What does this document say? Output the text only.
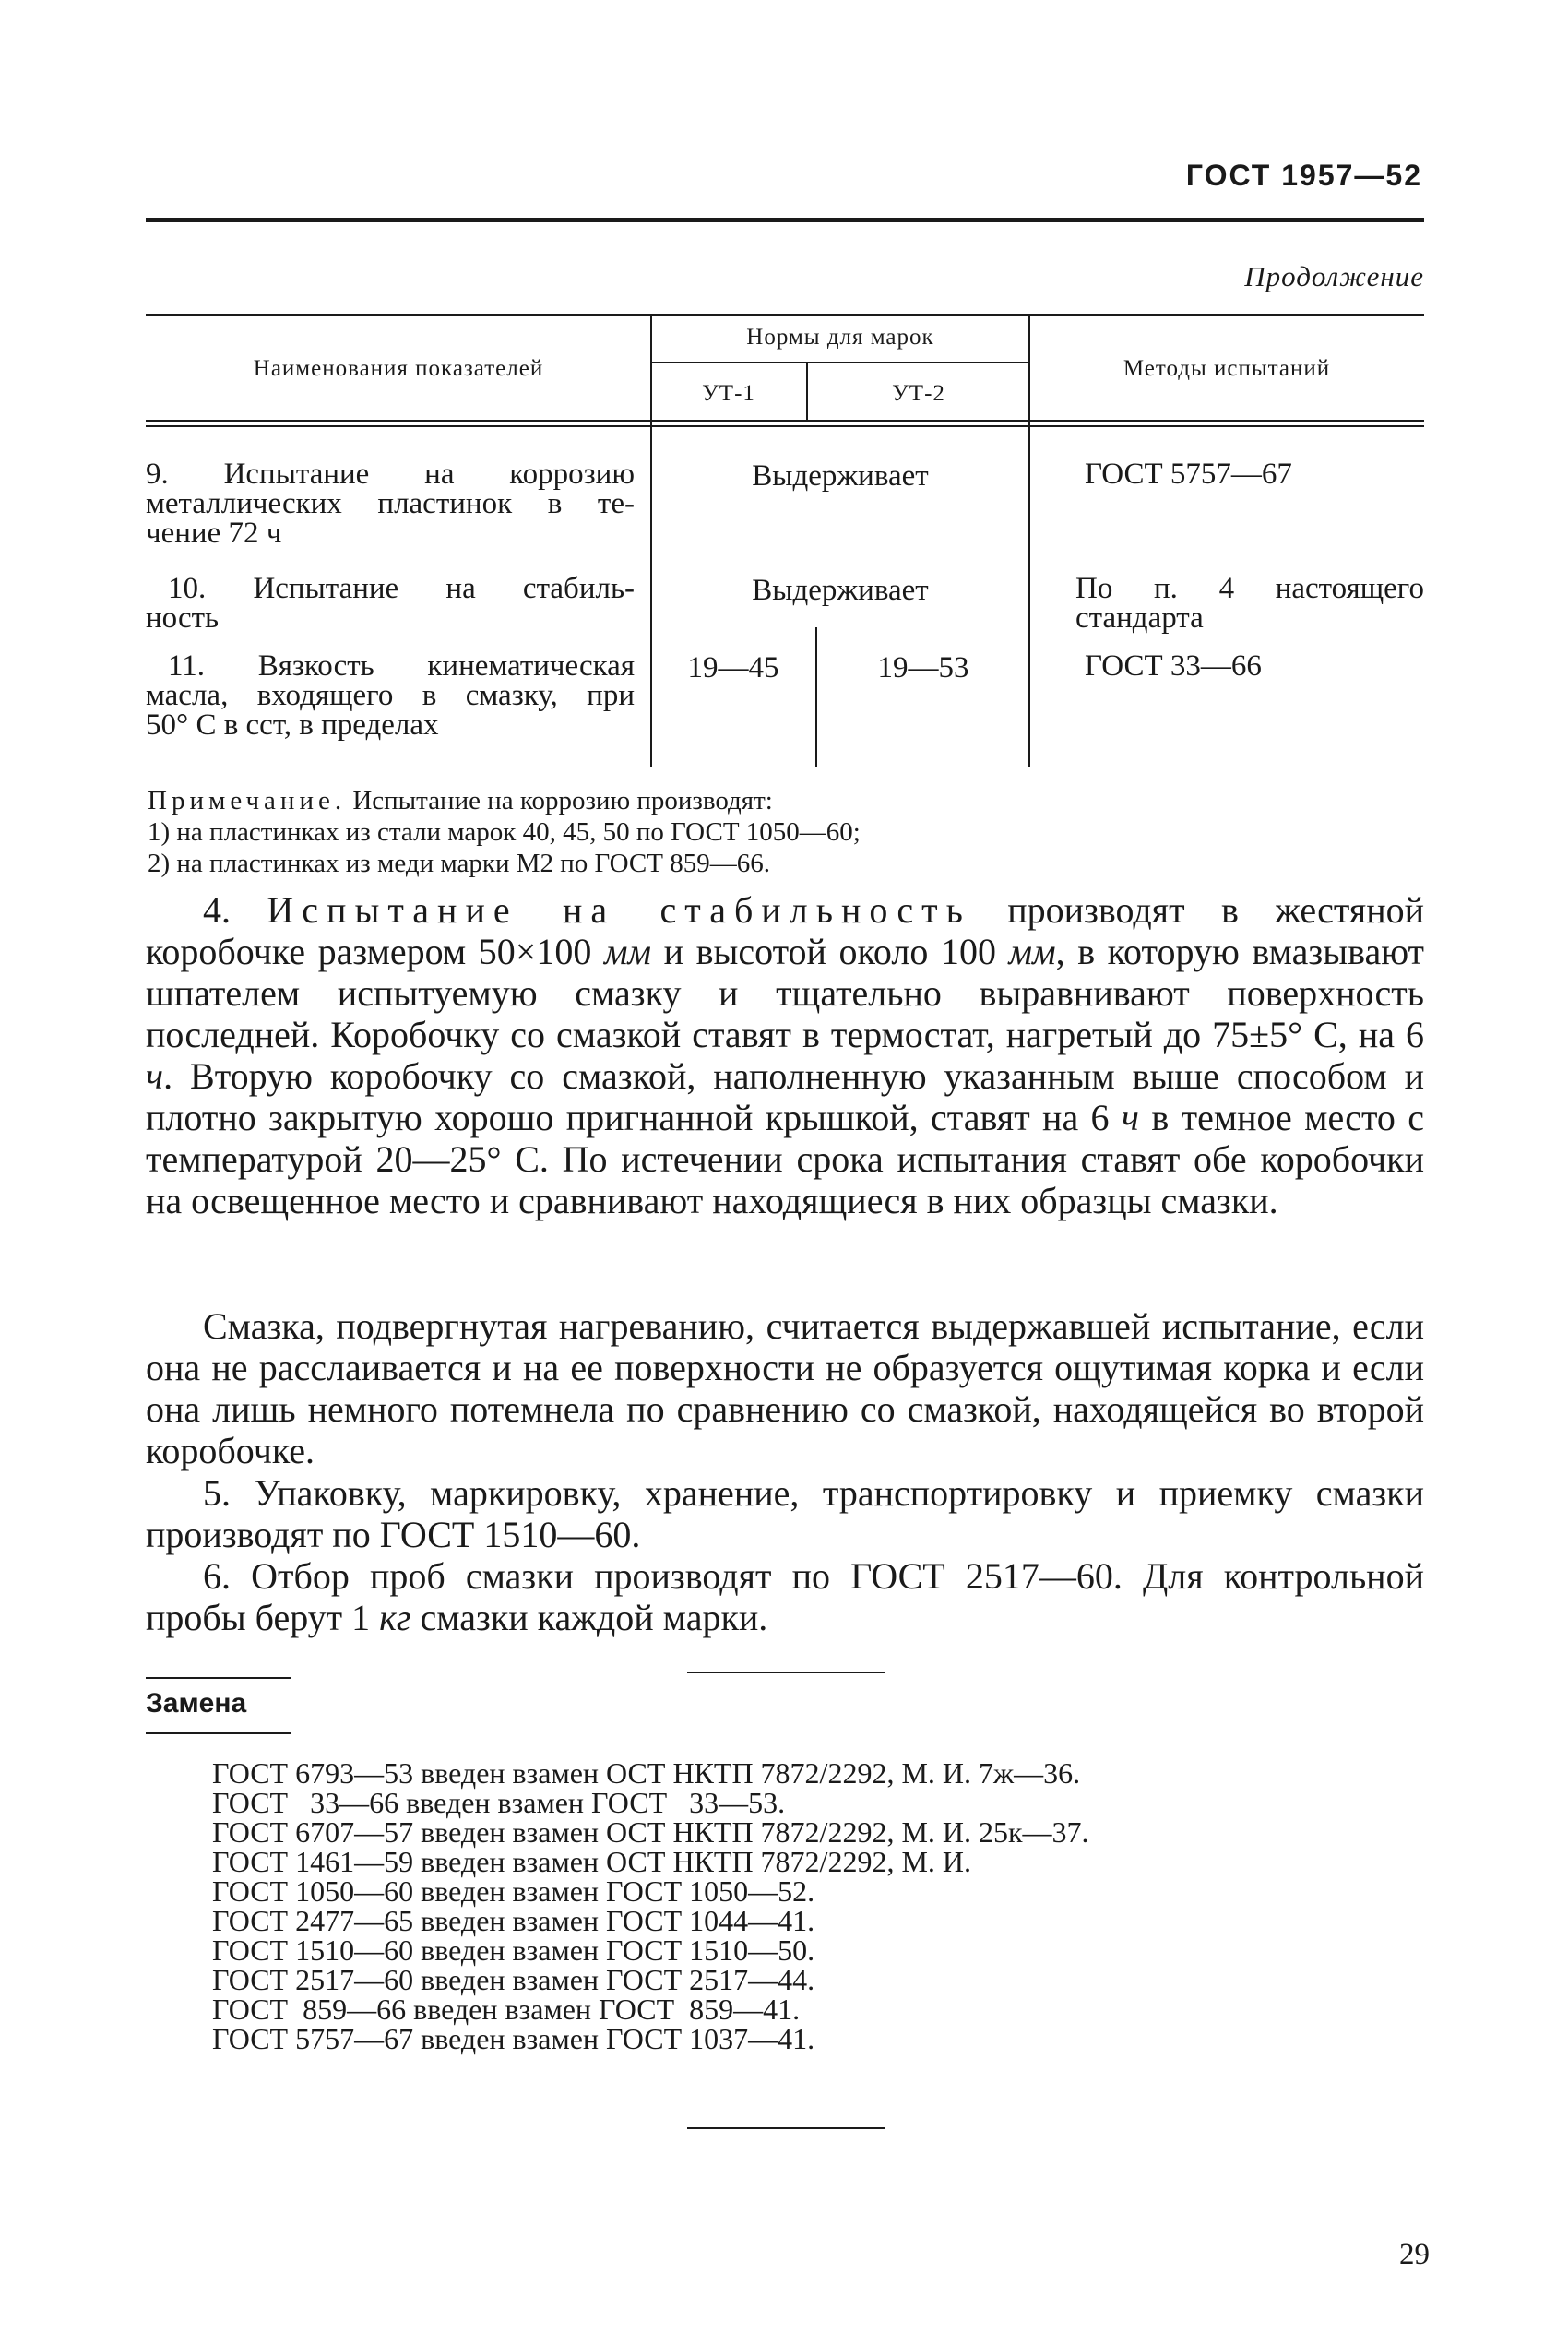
ГОСТ 1957—52
Продолжение
Наименования показателей
Нормы для марок
УТ-1	УТ-2
Методы испытаний
9. Испытание на коррозию
металлических пластинок в те-
чение 72 ч
Выдерживает	ГОСТ 5757—67
10. Испытание на стабиль-
ность
Выдерживает	По п. 4 настоящего
стандарта
11. Вязкость кинематическая
масла, входящего в смазку, при
50° С в сст, в пределах
19—45	19—53	ГОСТ 33—66
Примечание. Испытание на коррозию производят:
1) на пластинках из стали марок 40, 45, 50 по ГОСТ 1050—60;
2) на пластинках из меди марки М2 по ГОСТ 859—66.

4. Испытание на стабильность производят в жестяной коробочке размером 50×100 мм и высотой около 100 мм, в которую вмазывают шпателем испытуемую смазку и тщательно выравнивают поверхность последней. Коробочку со смазкой ставят в термостат, нагретый до 75±5° С, на 6 ч. Вторую коробочку со смазкой, наполненную указанным выше способом и плотно закрытую хорошо пригнанной крышкой, ставят на 6 ч в темное место с температурой 20—25° С. По истечении срока испытания ставят обе коробочки на освещенное место и сравнивают находящиеся в них образцы смазки.

Смазка, подвергнутая нагреванию, считается выдержавшей испытание, если она не расслаивается и на ее поверхности не образуется ощутимая корка и если она лишь немного потемнела по сравнению со смазкой, находящейся во второй коробочке.

5. Упаковку, маркировку, хранение, транспортировку и приемку смазки производят по ГОСТ 1510—60.

6. Отбор проб смазки производят по ГОСТ 2517—60. Для контрольной пробы берут 1 кг смазки каждой марки.

Замена
ГОСТ 6793—53 введен взамен ОСТ НКТП 7872/2292, М. И. 7ж—36.
ГОСТ   33—66 введен взамен ГОСТ   33—53.
ГОСТ 6707—57 введен взамен ОСТ НКТП 7872/2292, М. И. 25к—37.
ГОСТ 1461—59 введен взамен ОСТ НКТП 7872/2292, М. И.
ГОСТ 1050—60 введен взамен ГОСТ 1050—52.
ГОСТ 2477—65 введен взамен ГОСТ 1044—41.
ГОСТ 1510—60 введен взамен ГОСТ 1510—50.
ГОСТ 2517—60 введен взамен ГОСТ 2517—44.
ГОСТ  859—66 введен взамен ГОСТ  859—41.
ГОСТ 5757—67 введен взамен ГОСТ 1037—41.
29
